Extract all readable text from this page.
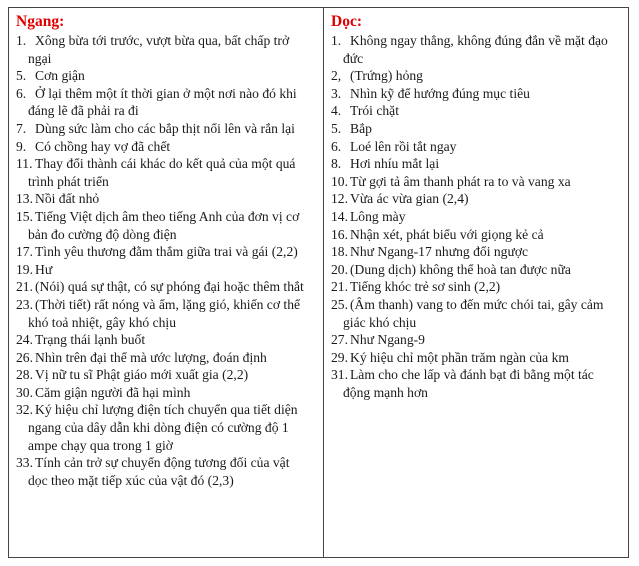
Ngang:
1. Xông bừa tới trước, vượt bừa qua, bất chấp trở ngại
5. Cơn giận
6. Ở lại thêm một ít thời gian ở một nơi nào đó khi đáng lẽ đã phải ra đi
7. Dùng sức làm cho các bắp thịt nổi lên và rắn lại
9. Có chồng hay vợ đã chết
11. Thay đổi thành cái khác do kết quả của một quá trình phát triển
13. Nồi đất nhỏ
15. Tiếng Việt dịch âm theo tiếng Anh của đơn vị cơ bản đo cường độ dòng điện
17. Tình yêu thương đằm thắm giữa trai và gái (2,2)
19. Hư
21. (Nói) quá sự thật, có sự phóng đại hoặc thêm thắt
23. (Thời tiết) rất nóng và ẩm, lặng gió, khiến cơ thể khó toả nhiệt, gây khó chịu
24. Trạng thái lạnh buốt
26. Nhìn trên đại thể mà ước lượng, đoán định
28. Vị nữ tu sĩ Phật giáo mới xuất gia (2,2)
30. Căm giận người đã hại mình
32. Ký hiệu chỉ lượng điện tích chuyển qua tiết diện ngang của dây dẫn khi dòng điện có cường độ 1 ampe chạy qua trong 1 giờ
33. Tính cản trở sự chuyển động tương đối của vật dọc theo mặt tiếp xúc của vật đó (2,3)
Dọc:
1. Không ngay thẳng, không đúng đắn về mặt đạo đức
2, (Trứng) hỏng
3. Nhìn kỹ để hướng đúng mục tiêu
4. Trói chặt
5. Bắp
6. Loé lên rồi tắt ngay
8. Hơi nhíu mắt lại
10. Từ gợi tả âm thanh phát ra to và vang xa
12. Vừa ác vừa gian (2,4)
14. Lông mày
16. Nhận xét, phát biểu với giọng kẻ cả
18. Như Ngang-17 nhưng đổi ngược
20. (Dung dịch) không thể hoà tan được nữa
21. Tiếng khóc trẻ sơ sinh (2,2)
25. (Âm thanh) vang to đến mức chói tai, gây cảm giác khó chịu
27. Như Ngang-9
29. Ký hiệu chỉ một phần trăm ngàn của km
31. Làm cho che lấp và đánh bạt đi bằng một tác động mạnh hơn
